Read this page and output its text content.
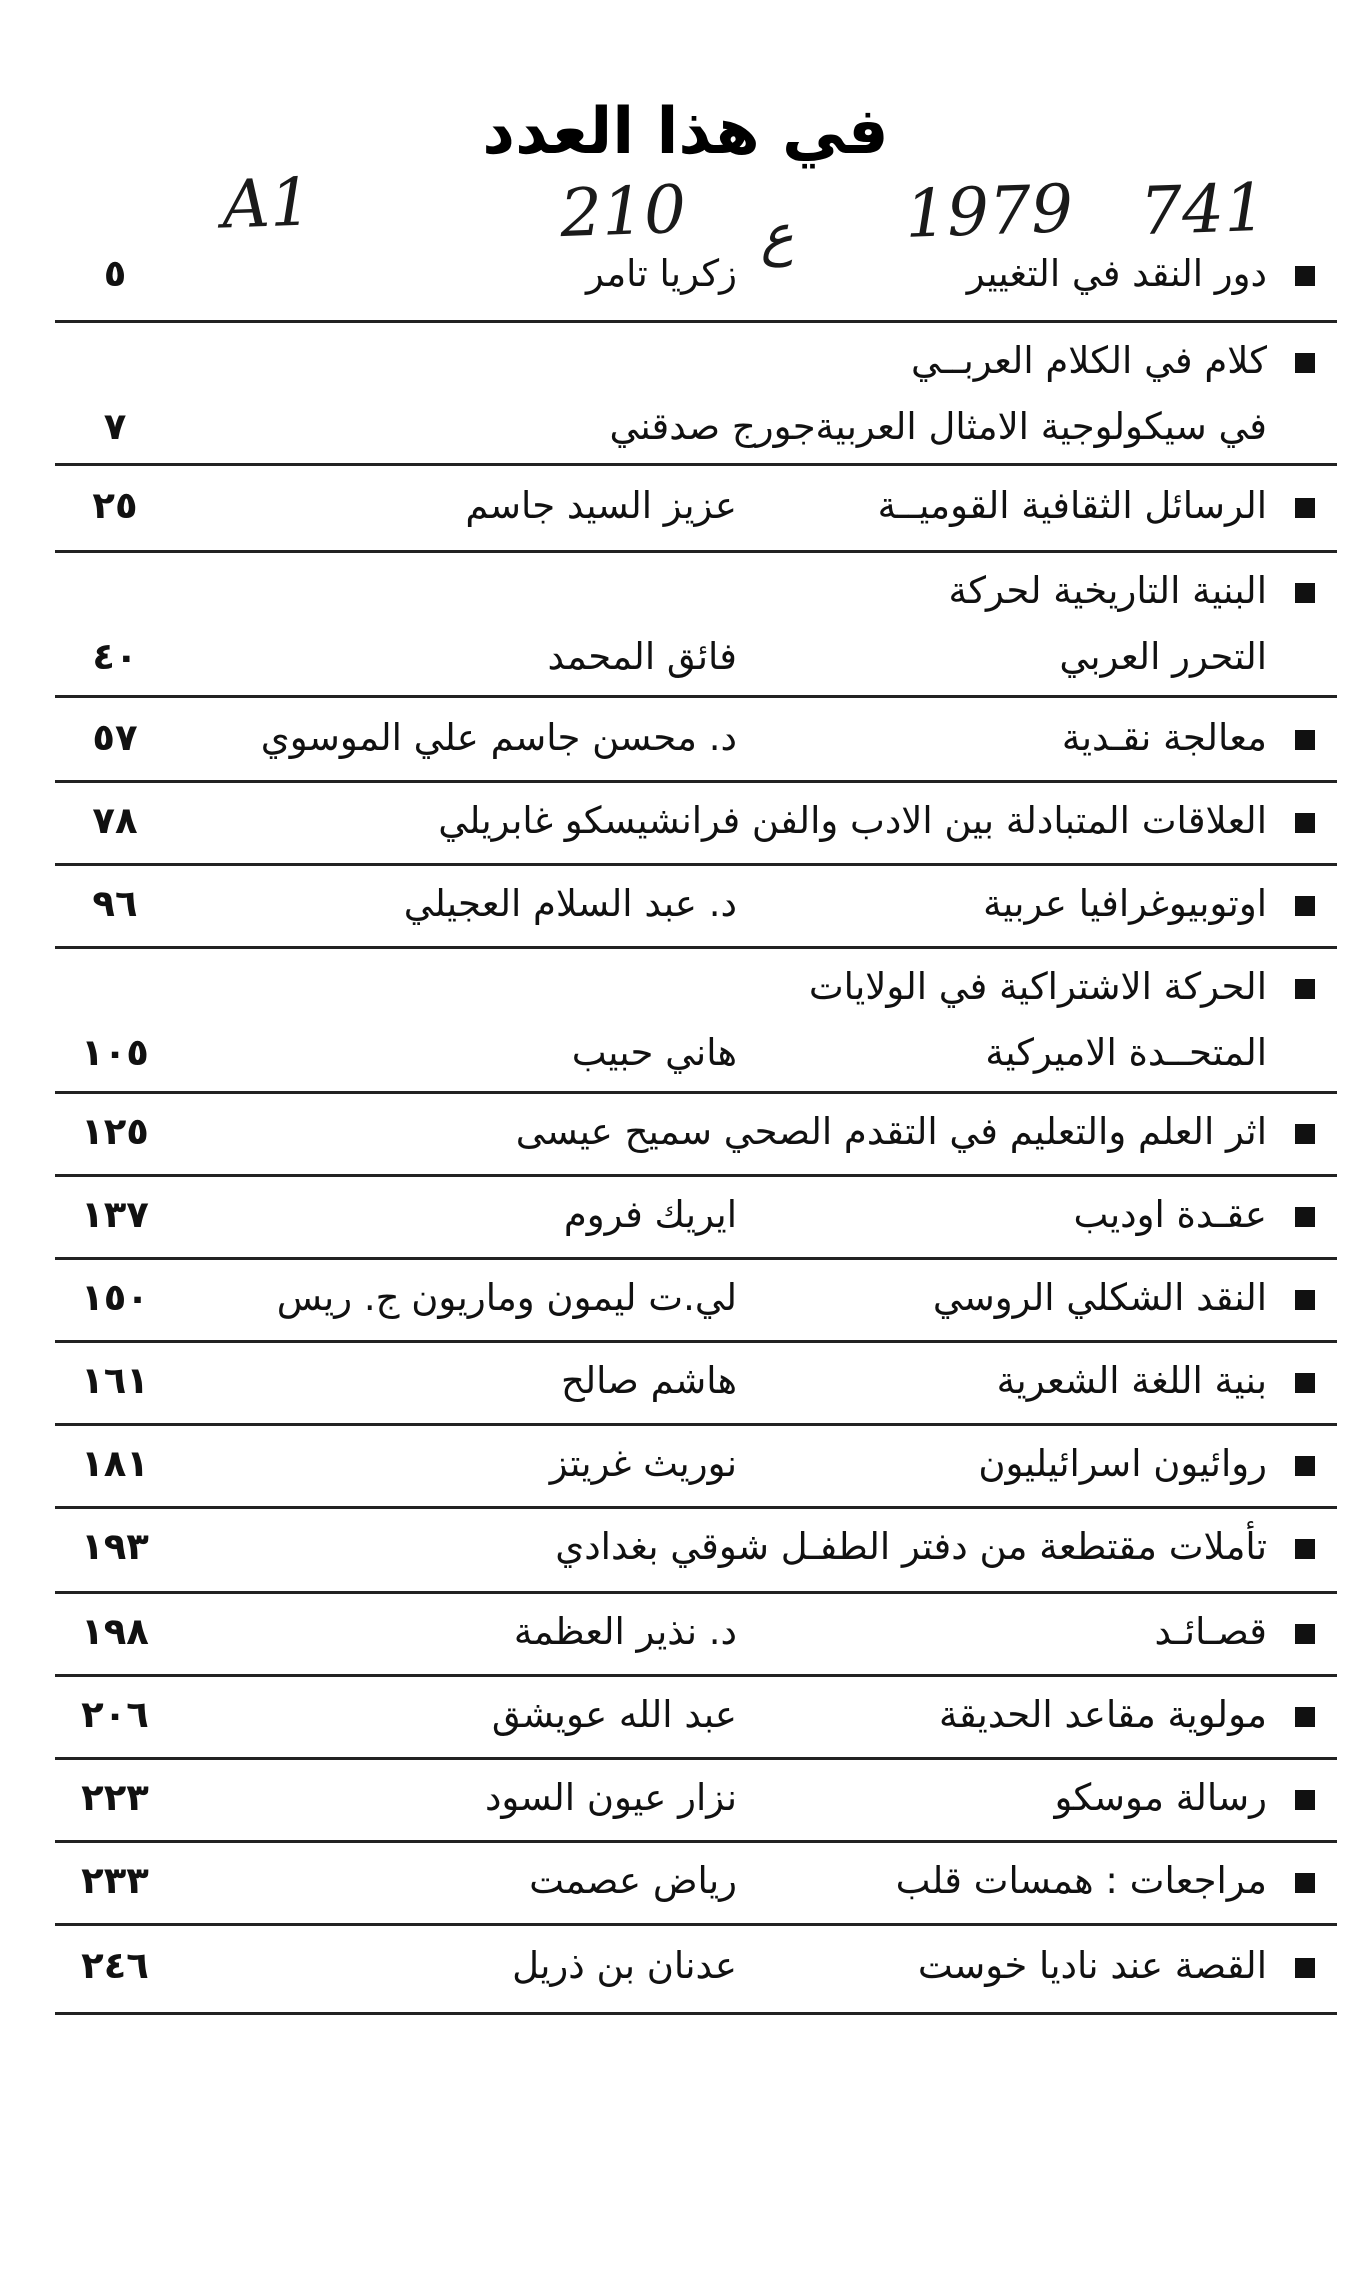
في هذا العدد
A1	210 ع 1979 741
دور النقد في التغيير
زكريا تامر
٥
كلام في الكلام العربــي
في سيكولوجية الامثال العربيةجورج صدقني
٧
الرسائل الثقافية القوميــة
عزيز السيد جاسم
٢٥
البنية التاريخية لحركة
التحرر العربي
فائق المحمد
٤٠
معالجة نقـدية
د. محسن جاسم علي الموسوي
٥٧
العلاقات المتبادلة بين الادب والفن فرانشيسكو غابريلي
٧٨
اوتوبيوغرافيا عربية
د. عبد السلام العجيلي
٩٦
الحركة الاشتراكية في الولايات
المتحــدة الاميركية
هاني حبيب
١٠٥
اثر العلم والتعليم في التقدم الصحي سميح عيسى
١٢٥
عقـدة اوديب
ايريك فروم
١٣٧
النقد الشكلي الروسي
لي.ت ليمون وماريون ج. ريس
١٥٠
بنية اللغة الشعرية
هاشم صالح
١٦١
روائيون اسرائيليون
نوريث غريتز
١٨١
تأملات مقتطعة من دفتر الطفـل شوقي بغدادي
١٩٣
قصـائـد
د. نذير العظمة
١٩٨
مولوية مقاعد الحديقة
عبد الله عويشق
٢٠٦
رسالة موسكو
نزار عيون السود
٢٢٣
مراجعات : همسات قلب
رياض عصمت
٢٣٣
القصة عند ناديا خوست
عدنان بن ذريل
٢٤٦
